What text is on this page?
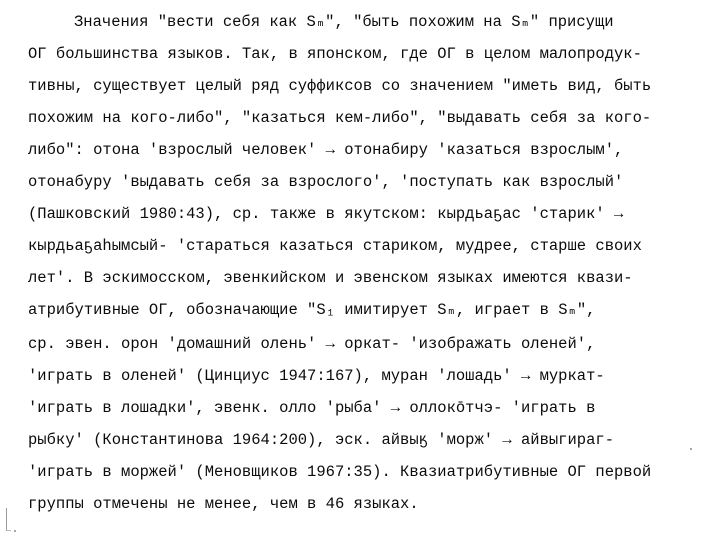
Значения "вести себя как Sₘ", "быть похожим на Sₘ" присущи
ОГ большинства языков. Так, в японском, где ОГ в целом малопродук-
тивны, существует целый ряд суффиксов со значением "иметь вид, быть
похожим на кого-либо", "казаться кем-либо", "выдавать себя за кого-
либо": отона 'взрослый человек' → отонабиру 'казаться взрослым',
отонабуру 'выдавать себя за взрослого', 'поступать как взрослый'
(Пашковский 1980:43), ср. также в якутском: кырдьаҕас 'старик' →
кырдьаҕаhымсый- 'стараться казаться стариком, мудрее, старше своих
лет'. В эскимосском, эвенкийском и эвенском языках имеются квази-
атрибутивные ОГ, обозначающие "S₁ имитирует Sₘ, играет в Sₘ",
ср. эвен. орон 'домашний олень' → оркат- 'изображать оленей',
'играть в оленей' (Цинциус 1947:167), муран 'лошадь' → муркат-
'играть в лошадки', эвенк. олло 'рыба' → оллокōтчэ- 'играть в
рыбку' (Константинова 1964:200), эск. айвыӄ 'морж' → айвыгираг-
'играть в моржей' (Меновщиков 1967:35). Квазиатрибутивные ОГ первой
группы отмечены не менее, чем в 46 языках.
